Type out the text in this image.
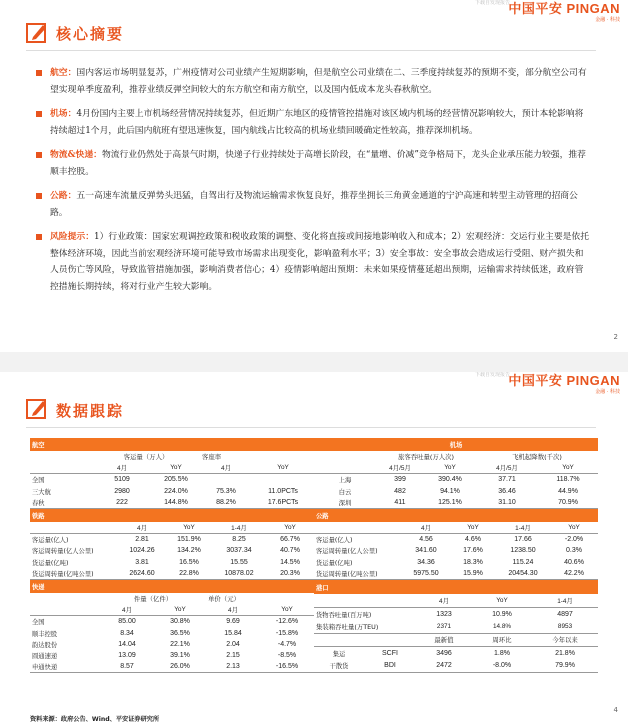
中国平安 PINGAN
金融 · 科技
下载自发现报告
核心摘要
航空：国内客运市场明显复苏，广州疫情对公司业绩产生短期影响，但是航空公司业绩在二、三季度持续复苏的预期不变，部分航空公司有望实现单季度盈利，推荐业绩反弹空间较大的东方航空和南方航空，以及国内低成本龙头春秋航空。
机场：4月份国内主要上市机场经营情况持续复苏，但近期广东地区的疫情管控措施对该区域内机场的经营情况影响较大，预计本轮影响将持续超过1个月，此后国内航班有望迅速恢复，国内航线占比较高的机场业绩回暖确定性较高，推荐深圳机场。
物流&快递：物流行业仍然处于高景气时期，快递子行业持续处于高增长阶段，在“量增、价减”竞争格局下，龙头企业承压能力较强，推荐顺丰控股。
公路：五一高速车流量反弹势头迅猛，自驾出行及物流运输需求恢复良好，推荐坐拥长三角黄金通道的宁沪高速和转型主动管理的招商公路。
风险提示：1）行业政策：国家宏观调控政策和税收政策的调整、变化将直接或间接地影响收入和成本；2）宏观经济：交运行业主要是依托整体经济环境，因此当前宏观经济环境可能导致市场需求出现变化，影响盈利水平；3）安全事故：安全事故会造成运行受阻、财产损失和人员伤亡等风险，导致监管措施加强，影响消费者信心；4）疫情影响超出预期：未来如果疫情蔓延超出预期，运输需求持续低迷，政府管控措施长期持续，将对行业产生较大影响。
2
中国平安 PINGAN
金融 · 科技
下载自发现报告
数据跟踪
航空				
	客运量（万人）		客座率	
	4月	YoY	4月	YoY
全国	5109	205.5%		
三大航	2980	224.0%	75.3%	11.0PCTs
春秋	222	144.8%	88.2%	17.6PCTs
机场				
	旅客吞吐量(万人次)		飞机起降数(千次)	
	4月/5月	YoY	4月/5月	YoY
上海	399	390.4%	37.71	118.7%
白云	482	94.1%	36.46	44.9%
深圳	411	125.1%	31.10	70.9%
铁路				
	4月	YoY	1-4月	YoY
客运量(亿人)	2.81	151.9%	8.25	66.7%
客运周转量(亿人公里)	1024.26	134.2%	3037.34	40.7%
货运量(亿吨)	3.81	16.5%	15.55	14.5%
货运周转量(亿吨公里)	2624.60	22.8%	10878.02	20.3%
公路				
	4月	YoY	1-4月	YoY
客运量(亿人)	4.56	4.6%	17.66	-2.0%
客运周转量(亿人公里)	341.60	17.6%	1238.50	0.3%
货运量(亿吨)	34.36	18.3%	115.24	40.6%
货运周转量(亿吨公里)	5975.50	15.9%	20454.30	42.2%
快递				
	件量（亿件）		单价（元）	
	4月	YoY	4月	YoY
全国	85.00	30.8%	9.69	-12.6%
顺丰控股	8.34	36.5%	15.84	-15.8%
韵达股份	14.04	22.1%	2.04	-4.7%
圆通速递	13.09	39.1%	2.15	-8.5%
申通快递	8.57	26.0%	2.13	-16.5%
港口				
		4月	YoY	1-4月
货物吞吐量(百万吨)		1323	10.9%	4897
集装箱吞吐量(万TEU)		2371	14.8%	8953
		最新值	周环比	今年以来
集运	SCFI	3496	1.8%	21.8%
干散货	BDI	2472	-8.0%	79.9%
4
资料来源：政府公告、Wind、平安证券研究所
